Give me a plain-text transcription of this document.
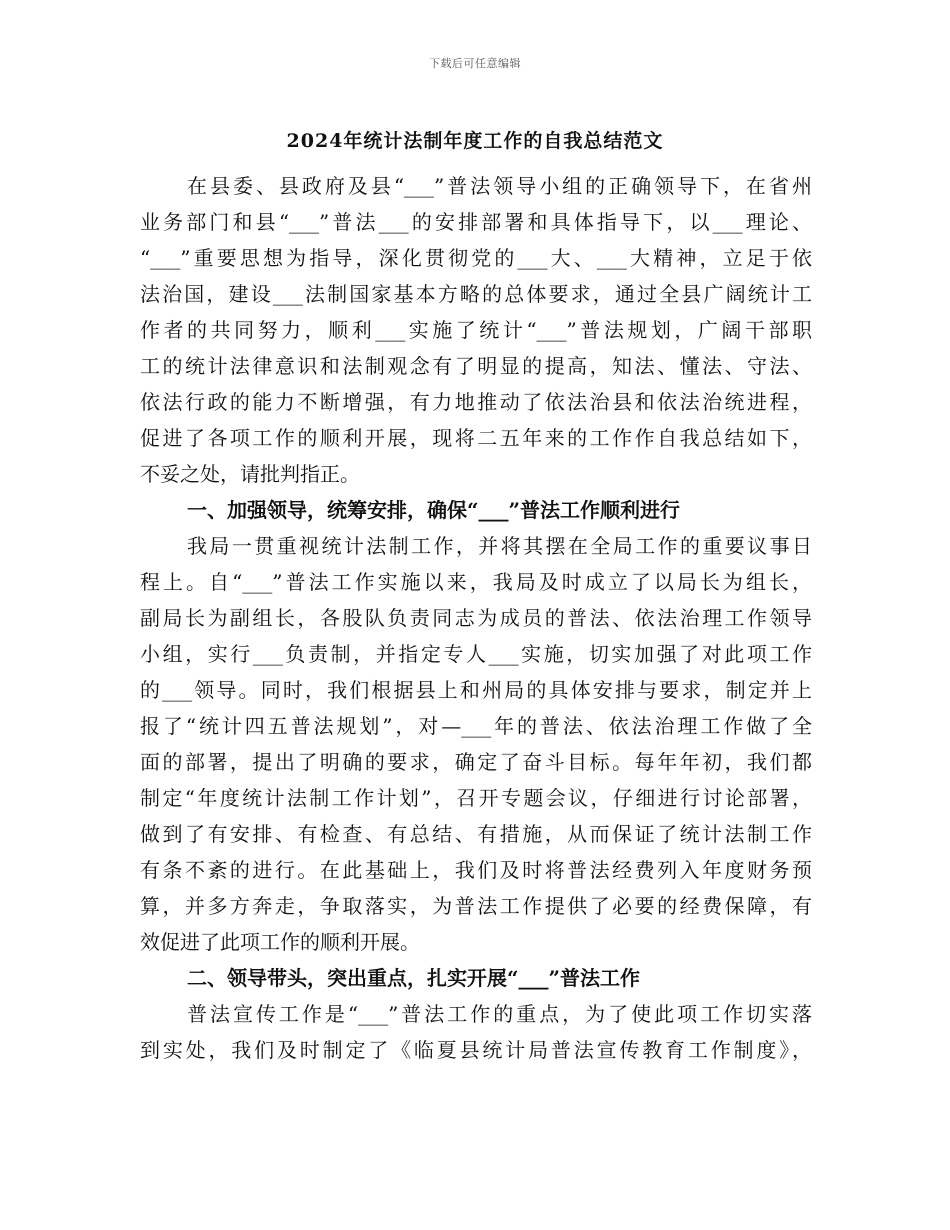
下载后可任意编辑
2024年统计法制年度工作的自我总结范文
在县委、县政府及县“___”普法领导小组的正确领导下，在省州
业务部门和县“___”普法___的安排部署和具体指导下，以___理论、
“___”重要思想为指导，深化贯彻党的___大、___大精神，立足于依
法治国，建设___法制国家基本方略的总体要求，通过全县广阔统计工
作者的共同努力，顺利___实施了统计“___”普法规划，广阔干部职
工的统计法律意识和法制观念有了明显的提高，知法、懂法、守法、
依法行政的能力不断增强，有力地推动了依法治县和依法治统进程，
促进了各项工作的顺利开展，现将二五年来的工作作自我总结如下，
不妥之处，请批判指正。
一、加强领导，统筹安排，确保“___”普法工作顺利进行
我局一贯重视统计法制工作，并将其摆在全局工作的重要议事日
程上。自“___”普法工作实施以来，我局及时成立了以局长为组长，
副局长为副组长，各股队负责同志为成员的普法、依法治理工作领导
小组，实行___负责制，并指定专人___实施，切实加强了对此项工作
的___领导。同时，我们根据县上和州局的具体安排与要求，制定并上
报了“统计四五普法规划”，对—___年的普法、依法治理工作做了全
面的部署，提出了明确的要求，确定了奋斗目标。每年年初，我们都
制定“年度统计法制工作计划”，召开专题会议，仔细进行讨论部署，
做到了有安排、有检查、有总结、有措施，从而保证了统计法制工作
有条不紊的进行。在此基础上，我们及时将普法经费列入年度财务预
算，并多方奔走，争取落实，为普法工作提供了必要的经费保障，有
效促进了此项工作的顺利开展。
二、领导带头，突出重点，扎实开展“___”普法工作
普法宣传工作是“___”普法工作的重点，为了使此项工作切实落
到实处，我们及时制定了《临夏县统计局普法宣传教育工作制度》，
